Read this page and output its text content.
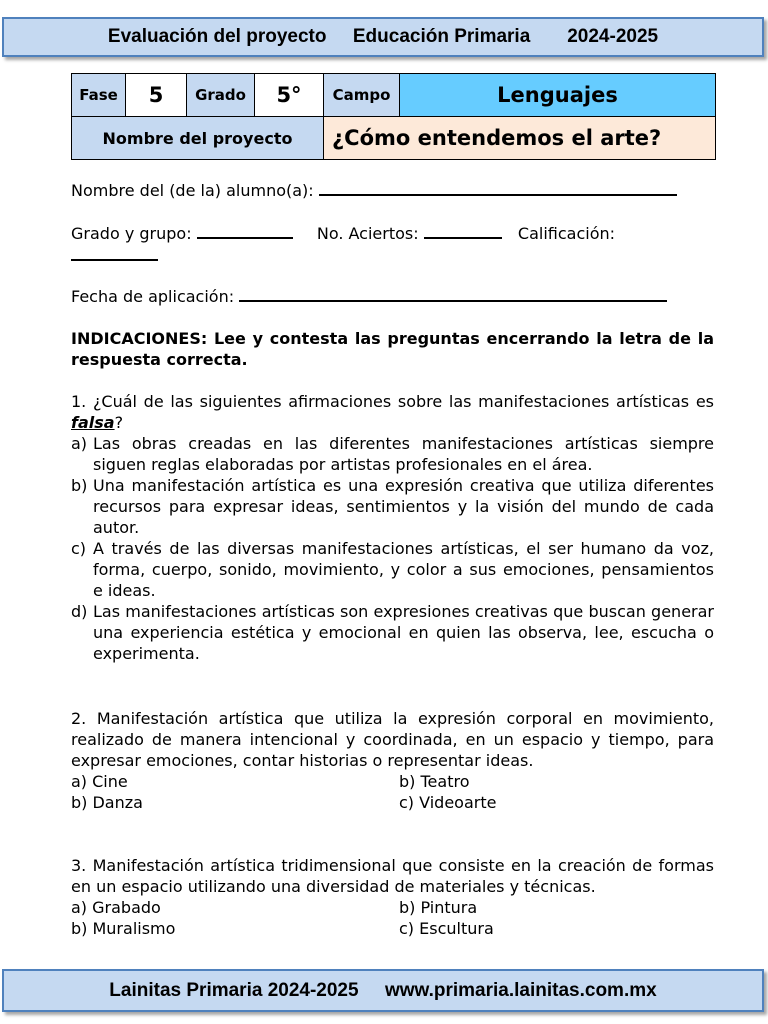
Evaluación del proyecto
Educación Primaria
2024-2025
Fase	5	Grado	5°	Campo	Lenguajes
Nombre del proyecto				¿Cómo entendemos el arte?	
Nombre del (de la) alumno(a):
Grado y grupo:	No. Aciertos:	Calificación:
Fecha de aplicación:
INDICACIONES: Lee y contesta las preguntas encerrando la letra de la respuesta correcta.
1. ¿Cuál de las siguientes afirmaciones sobre las manifestaciones artísticas es falsa?
a) Las obras creadas en las diferentes manifestaciones artísticas siempre siguen reglas elaboradas por artistas profesionales en el área.
b) Una manifestación artística es una expresión creativa que utiliza diferentes recursos para expresar ideas, sentimientos y la visión del mundo de cada autor.
c) A través de las diversas manifestaciones artísticas, el ser humano da voz, forma, cuerpo, sonido, movimiento, y color a sus emociones, pensamientos e ideas.
d) Las manifestaciones artísticas son expresiones creativas que buscan generar una experiencia estética y emocional en quien las observa, lee, escucha o experimenta.
2. Manifestación artística que utiliza la expresión corporal en movimiento, realizado de manera intencional y coordinada, en un espacio y tiempo, para expresar emociones, contar historias o representar ideas.
a) Cine	b) Teatro
b) Danza	c) Videoarte
3. Manifestación artística tridimensional que consiste en la creación de formas en un espacio utilizando una diversidad de materiales y técnicas.
a) Grabado	b) Pintura
b) Muralismo	c) Escultura
Lainitas Primaria 2024-2025
www.primaria.lainitas.com.mx
